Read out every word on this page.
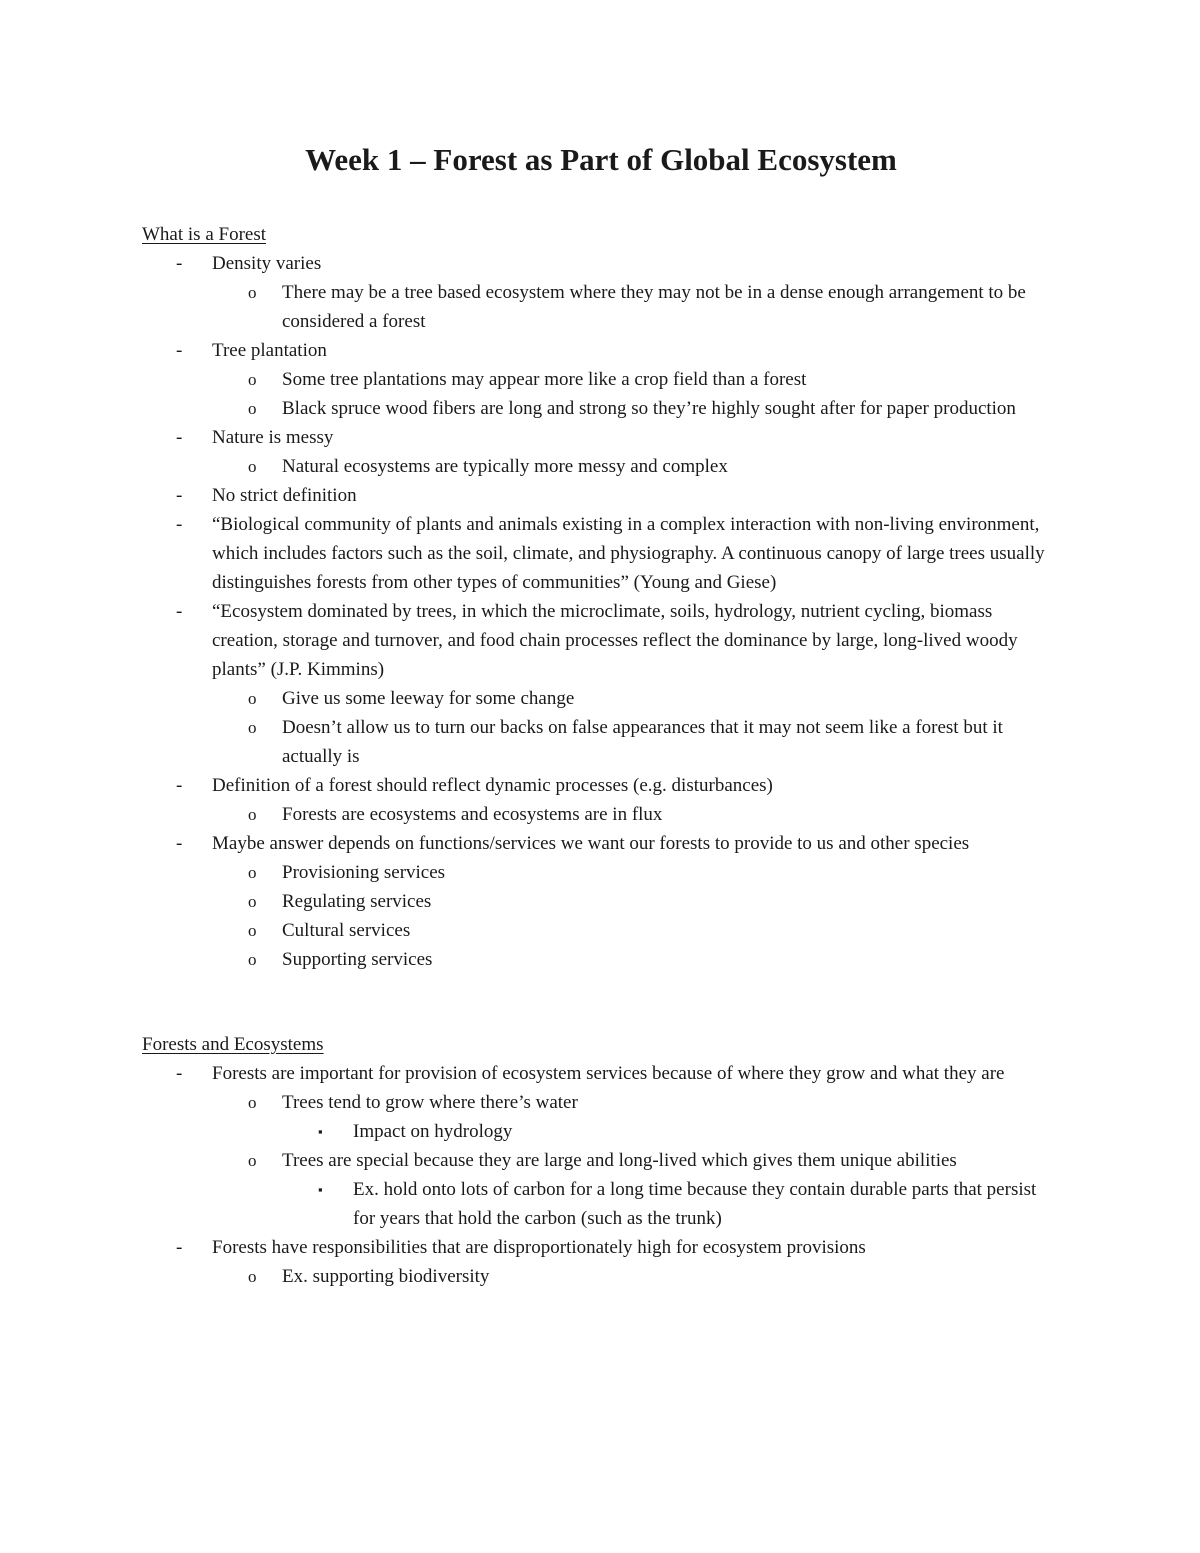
Week 1 – Forest as Part of Global Ecosystem
What is a Forest
- Density varies
o There may be a tree based ecosystem where they may not be in a dense enough arrangement to be considered a forest
- Tree plantation
o Some tree plantations may appear more like a crop field than a forest
o Black spruce wood fibers are long and strong so they’re highly sought after for paper production
- Nature is messy
o Natural ecosystems are typically more messy and complex
- No strict definition
- “Biological community of plants and animals existing in a complex interaction with non-living environment, which includes factors such as the soil, climate, and physiography. A continuous canopy of large trees usually distinguishes forests from other types of communities” (Young and Giese)
- “Ecosystem dominated by trees, in which the microclimate, soils, hydrology, nutrient cycling, biomass creation, storage and turnover, and food chain processes reflect the dominance by large, long-lived woody plants” (J.P. Kimmins)
o Give us some leeway for some change
o Doesn’t allow us to turn our backs on false appearances that it may not seem like a forest but it actually is
- Definition of a forest should reflect dynamic processes (e.g. disturbances)
o Forests are ecosystems and ecosystems are in flux
- Maybe answer depends on functions/services we want our forests to provide to us and other species
o Provisioning services
o Regulating services
o Cultural services
o Supporting services
Forests and Ecosystems
- Forests are important for provision of ecosystem services because of where they grow and what they are
o Trees tend to grow where there’s water
▪ Impact on hydrology
o Trees are special because they are large and long-lived which gives them unique abilities
▪ Ex. hold onto lots of carbon for a long time because they contain durable parts that persist for years that hold the carbon (such as the trunk)
- Forests have responsibilities that are disproportionately high for ecosystem provisions
o Ex. supporting biodiversity
